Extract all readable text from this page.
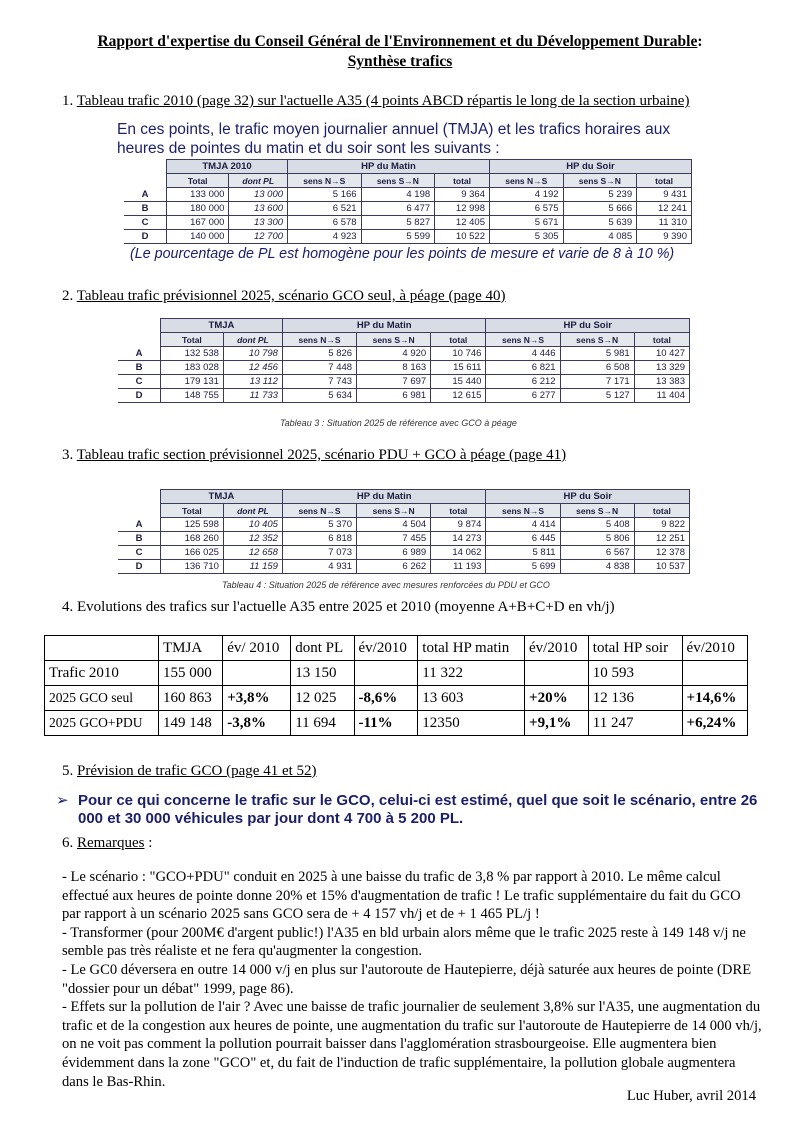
Rapport d'expertise du Conseil Général de l'Environnement et du Développement Durable:
Synthèse trafics
1. Tableau trafic 2010 (page 32) sur l'actuelle A35 (4 points ABCD répartis le long de la section urbaine)
En ces points, le trafic moyen journalier annuel (TMJA) et les trafics horaires aux heures de pointes du matin et du soir sont les suivants :
	TMJA 2010		HP du Matin			HP du Soir		
	Total	dont PL	sens N→S	sens S→N	total	sens N→S	sens S→N	total
A	133 000	13 000	5 166	4 198	9 364	4 192	5 239	9 431
B	180 000	13 600	6 521	6 477	12 998	6 575	5 666	12 241
C	167 000	13 300	6 578	5 827	12 405	5 671	5 639	11 310
D	140 000	12 700	4 923	5 599	10 522	5 305	4 085	9 390
(Le pourcentage de PL est homogène pour les points de mesure et varie de 8 à 10 %)
2. Tableau trafic prévisionnel 2025, scénario GCO seul, à péage (page 40)
	TMJA		HP du Matin			HP du Soir		
	Total	dont PL	sens N→S	sens S→N	total	sens N→S	sens S→N	total
A	132 538	10 798	5 826	4 920	10 746	4 446	5 981	10 427
B	183 028	12 456	7 448	8 163	15 611	6 821	6 508	13 329
C	179 131	13 112	7 743	7 697	15 440	6 212	7 171	13 383
D	148 755	11 733	5 634	6 981	12 615	6 277	5 127	11 404
Tableau 3 : Situation 2025 de référence avec GCO à péage
3. Tableau trafic section prévisionnel 2025, scénario PDU + GCO à péage (page 41)
	TMJA		HP du Matin			HP du Soir		
	Total	dont PL	sens N→S	sens S→N	total	sens N→S	sens S→N	total
A	125 598	10 405	5 370	4 504	9 874	4 414	5 408	9 822
B	168 260	12 352	6 818	7 455	14 273	6 445	5 806	12 251
C	166 025	12 658	7 073	6 989	14 062	5 811	6 567	12 378
D	136 710	11 159	4 931	6 262	11 193	5 699	4 838	10 537
Tableau 4 : Situation 2025 de référence avec mesures renforcées du PDU et GCO
4. Evolutions des trafics sur l'actuelle A35 entre 2025 et 2010 (moyenne A+B+C+D en vh/j)
	TMJA	év/ 2010	dont PL	év/2010	total HP matin	év/2010	total HP soir	év/2010
Trafic 2010	155 000		13 150		11 322		10 593	
2025 GCO seul	160 863	+3,8%	12 025	-8,6%	13 603	+20%	12 136	+14,6%
2025 GCO+PDU	149 148	-3,8%	11 694	-11%	12350	+9,1%	11 247	+6,24%
5. Prévision de trafic GCO (page 41 et 52)
➢ Pour ce qui concerne le trafic sur le GCO, celui-ci est estimé, quel que soit le scénario, entre 26 000 et 30 000 véhicules par jour dont 4 700 à 5 200 PL.
6. Remarques :

- Le scénario : "GCO+PDU" conduit en 2025 à une baisse du trafic de 3,8 % par rapport à 2010. Le même calcul effectué aux heures de pointe donne 20% et 15% d'augmentation de trafic ! Le trafic supplémentaire du fait du GCO par rapport à un scénario 2025 sans GCO sera de + 4 157 vh/j et de + 1 465 PL/j !

- Transformer (pour 200M€ d'argent public!) l'A35 en bld urbain alors même que le trafic 2025 reste à 149 148 v/j ne semble pas très réaliste et ne fera qu'augmenter la congestion.

- Le GC0 déversera en outre 14 000 v/j en plus sur l'autoroute de Hautepierre, déjà saturée aux heures de pointe (DRE "dossier pour un débat" 1999, page 86).

- Effets sur la pollution de l'air ? Avec une baisse de trafic journalier de seulement 3,8% sur l'A35, une augmentation du trafic et de la congestion aux heures de pointe, une augmentation du trafic sur l'autoroute de Hautepierre de 14 000 vh/j, on ne voit pas comment la pollution pourrait baisser dans l'agglomération strasbourgeoise. Elle augmentera bien évidemment dans la zone "GCO" et, du fait de l'induction de trafic supplémentaire, la pollution globale augmentera dans le Bas-Rhin.

Luc Huber, avril 2014
